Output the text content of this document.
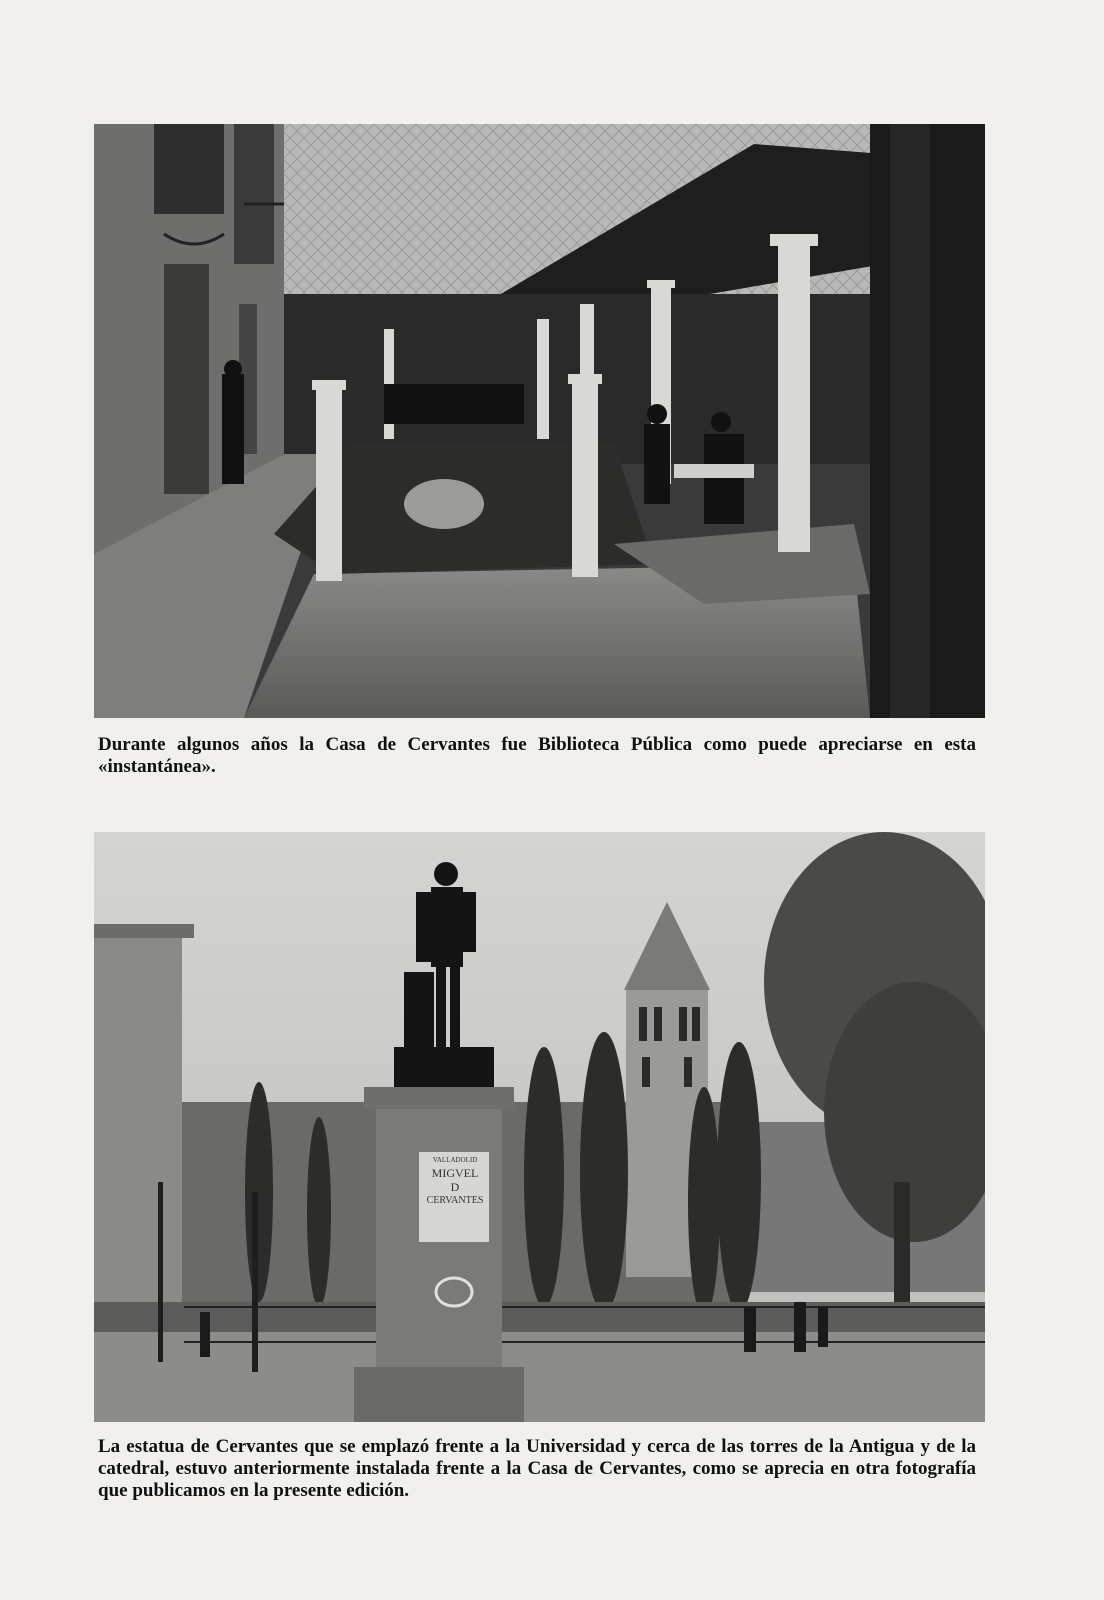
Durante algunos años la Casa de Cervantes fue Biblioteca Pública como puede apreciarse en esta «instantánea».

VALLADOLID
MIGVEL
D
CERVANTES

La estatua de Cervantes que se emplazó frente a la Universidad y cerca de las torres de la Antigua y de la catedral, estuvo anteriormente instalada frente a la Casa de Cervantes, como se aprecia en otra fotografía que publicamos en la presente edición.
